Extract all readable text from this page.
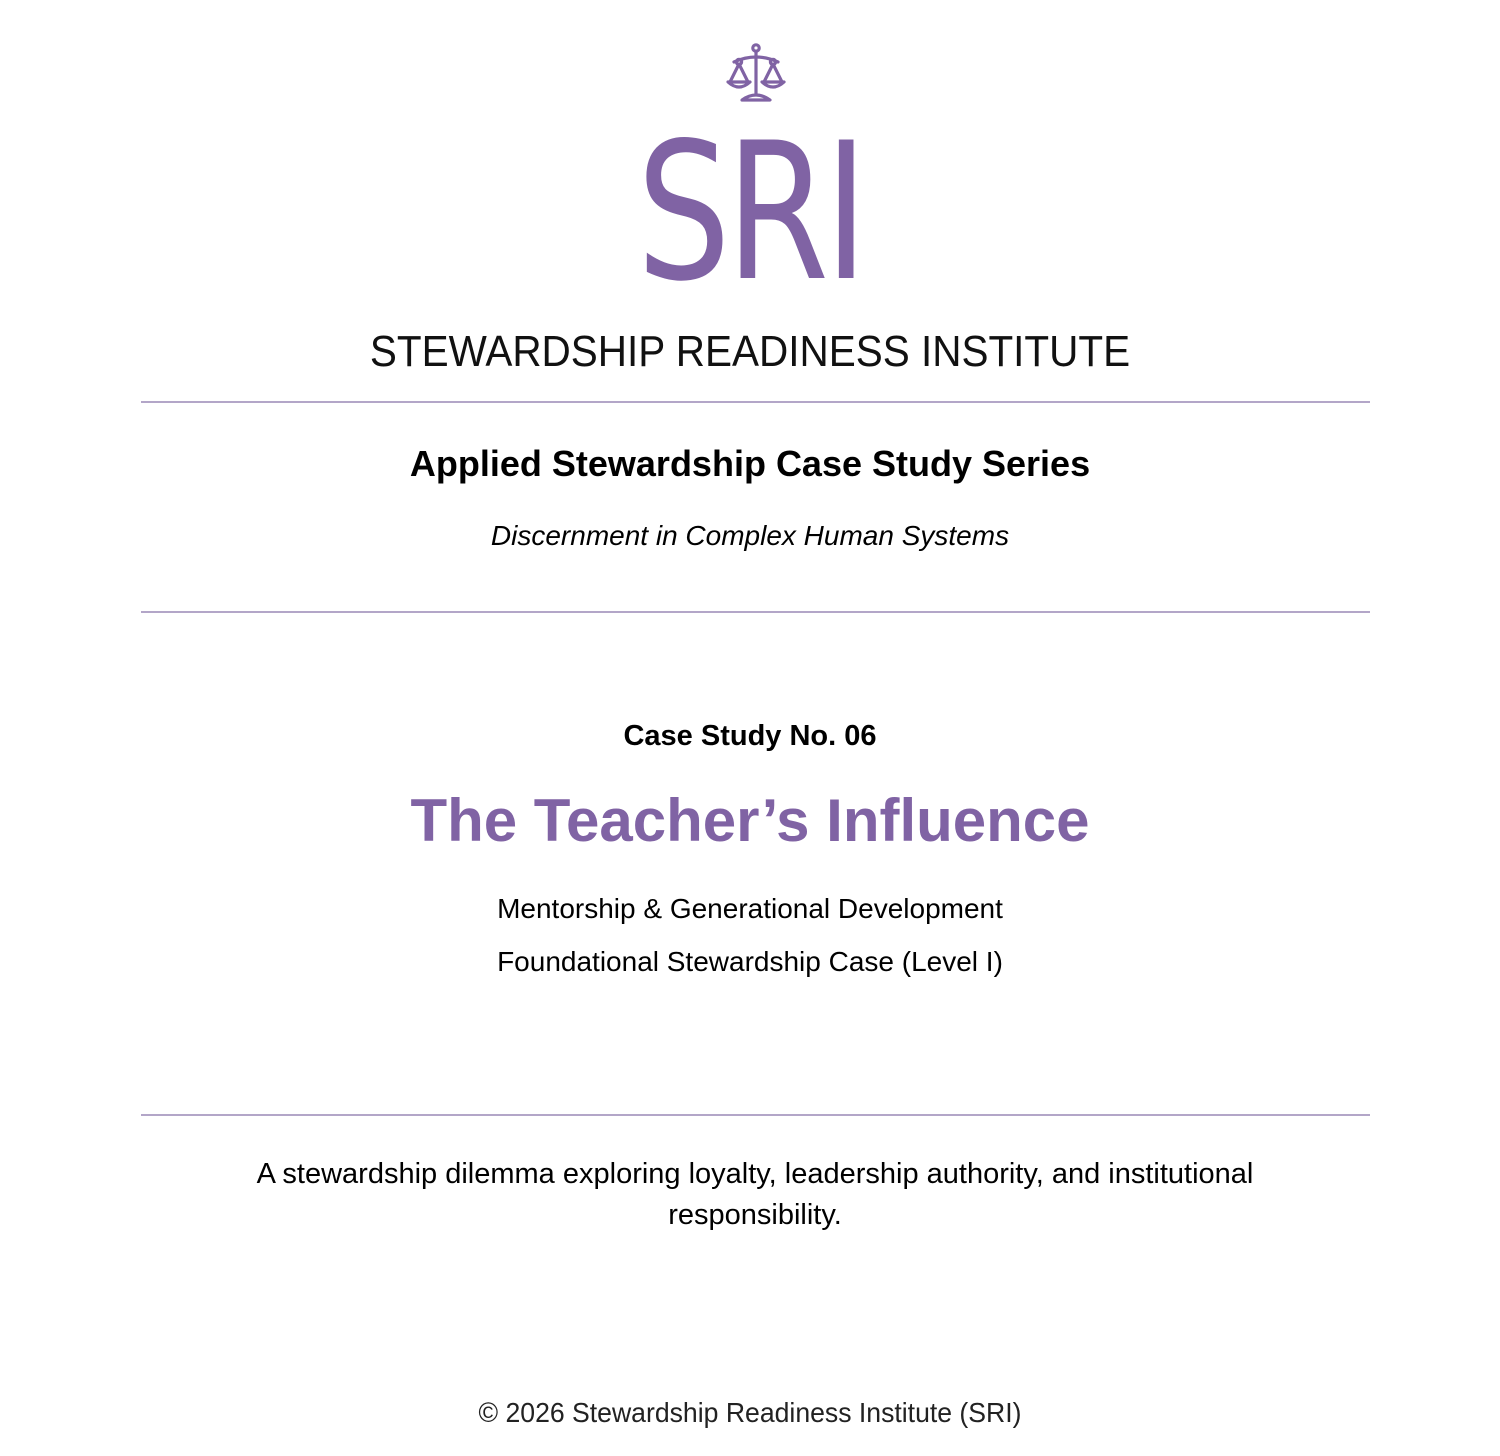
SRI
STEWARDSHIP READINESS INSTITUTE
Applied Stewardship Case Study Series
Discernment in Complex Human Systems
Case Study No. 06
The Teacher’s Influence
Mentorship & Generational Development
Foundational Stewardship Case (Level I)

A stewardship dilemma exploring loyalty, leadership authority, and institutional responsibility.

© 2026 Stewardship Readiness Institute (SRI)
